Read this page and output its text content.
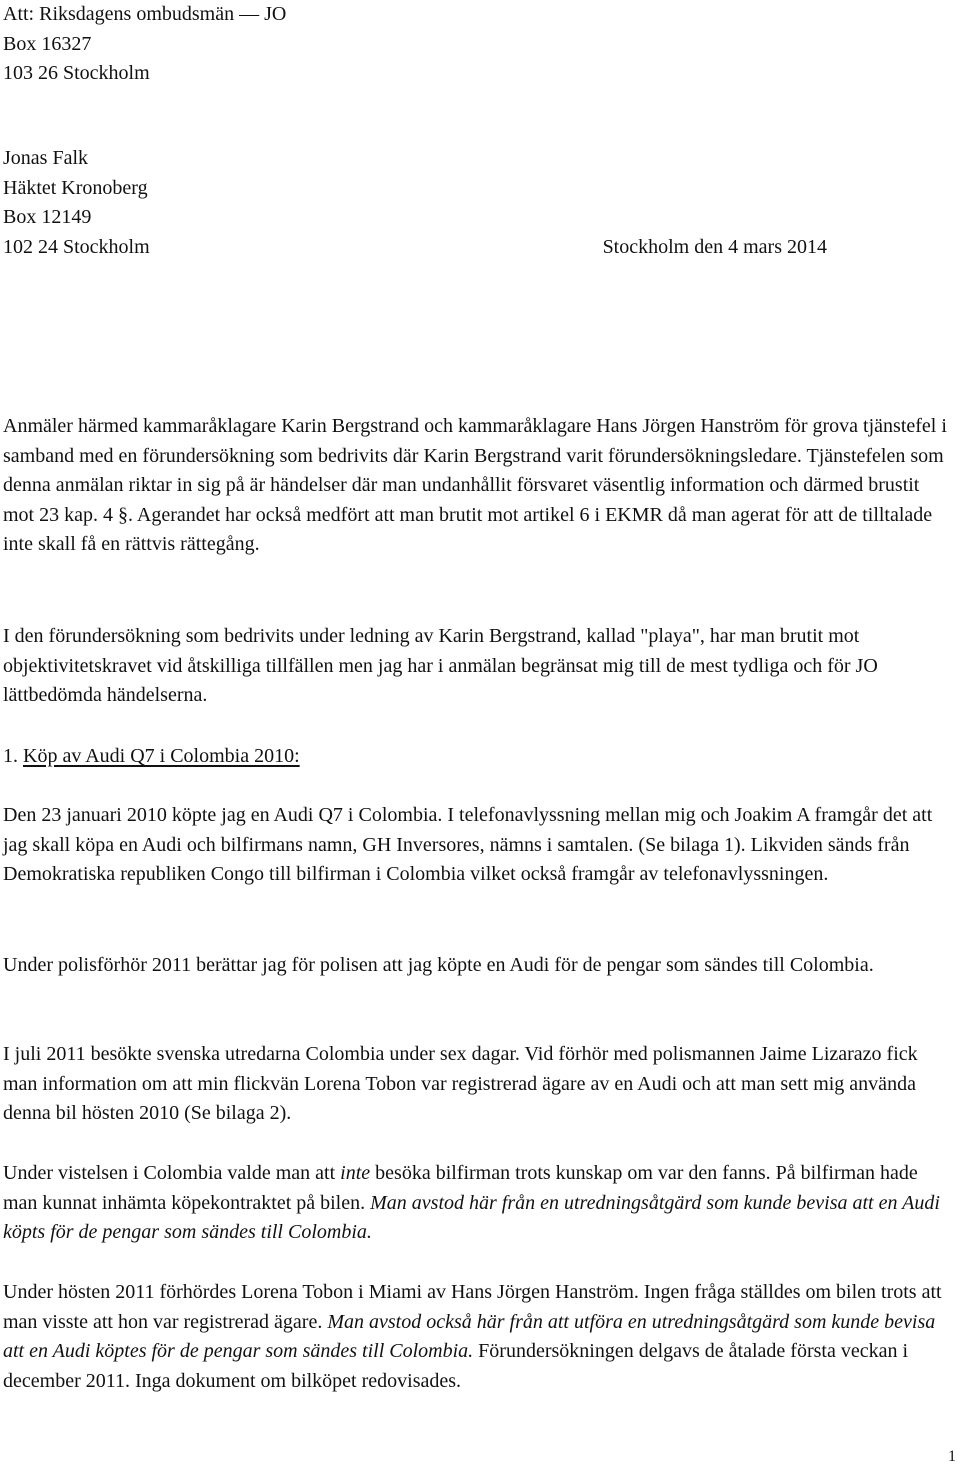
Att: Riksdagens ombudsmän — JO
Box 16327
103 26 Stockholm
Jonas Falk
Häktet Kronoberg
Box 12149
102 24 Stockholm	Stockholm den 4 mars 2014
Anmäler härmed kammaråklagare Karin Bergstrand och kammaråklagare Hans Jörgen Hanström för grova tjänstefel i samband med en förundersökning som bedrivits där Karin Bergstrand varit förundersökningsledare. Tjänstefelen som denna anmälan riktar in sig på är händelser där man undanhållit försvaret väsentlig information och därmed brustit mot 23 kap. 4 §. Agerandet har också medfört att man brutit mot artikel 6 i EKMR då man agerat för att de tilltalade inte skall få en rättvis rättegång.
I den förundersökning som bedrivits under ledning av Karin Bergstrand, kallad "playa", har man brutit mot objektivitetskravet vid åtskilliga tillfällen men jag har i anmälan begränsat mig till de mest tydliga och för JO lättbedömda händelserna.
1. Köp av Audi Q7 i Colombia 2010:
Den 23 januari 2010 köpte jag en Audi Q7 i Colombia. I telefonavlyssning mellan mig och Joakim A framgår det att jag skall köpa en Audi och bilfirmans namn, GH Inversores, nämns i samtalen. (Se bilaga 1). Likviden sänds från Demokratiska republiken Congo till bilfirman i Colombia vilket också framgår av telefonavlyssningen.
Under polisförhör 2011 berättar jag för polisen att jag köpte en Audi för de pengar som sändes till Colombia.
I juli 2011 besökte svenska utredarna Colombia under sex dagar. Vid förhör med polismannen Jaime Lizarazo fick man information om att min flickvän Lorena Tobon var registrerad ägare av en Audi och att man sett mig använda denna bil hösten 2010 (Se bilaga 2).
Under vistelsen i Colombia valde man att inte besöka bilfirman trots kunskap om var den fanns. På bilfirman hade man kunnat inhämta köpekontraktet på bilen. Man avstod här från en utredningsåtgärd som kunde bevisa att en Audi köpts för de pengar som sändes till Colombia.
Under hösten 2011 förhördes Lorena Tobon i Miami av Hans Jörgen Hanström. Ingen fråga ställdes om bilen trots att man visste att hon var registrerad ägare. Man avstod också här från att utföra en utredningsåtgärd som kunde bevisa att en Audi köptes för de pengar som sändes till Colombia. Förundersökningen delgavs de åtalade första veckan i december 2011. Inga dokument om bilköpet redovisades.
1
